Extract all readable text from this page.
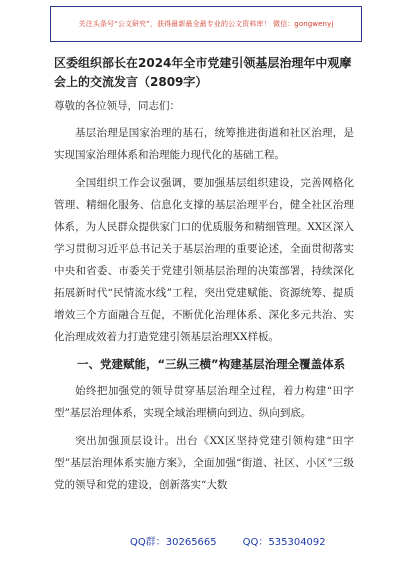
关注头条号“公文研究”，获得最新最全最专业的公文资料库！ 微信：gongwenyj
区委组织部长在2024年全市党建引领基层治理年中观摩会上的交流发言（2809字）

尊敬的各位领导，同志们：

基层治理是国家治理的基石，统筹推进街道和社区治理，是实现国家治理体系和治理能力现代化的基础工程。

全国组织工作会议强调，要加强基层组织建设，完善网格化管理、精细化服务、信息化支撑的基层治理平台，健全社区治理体系，为人民群众提供家门口的优质服务和精细管理。XX区深入学习贯彻习近平总书记关于基层治理的重要论述，全面贯彻落实中央和省委、市委关于党建引领基层治理的决策部署，持续深化拓展新时代“民情流水线”工程，突出党建赋能、资源统筹、提质增效三个方面融合互促，不断优化治理体系、深化多元共治、实化治理成效着力打造党建引领基层治理XX样板。

一、党建赋能，“三纵三横”构建基层治理全覆盖体系

始终把加强党的领导贯穿基层治理全过程，着力构建“田字型”基层治理体系，实现全域治理横向到边、纵向到底。

突出加强顶层设计。出台《XX区坚持党建引领构建“田字型”基层治理体系实施方案》，全面加强“街道、社区、小区”三级党的领导和党的建设，创新落实“大数

QQ群：30265665	QQ：535304092
